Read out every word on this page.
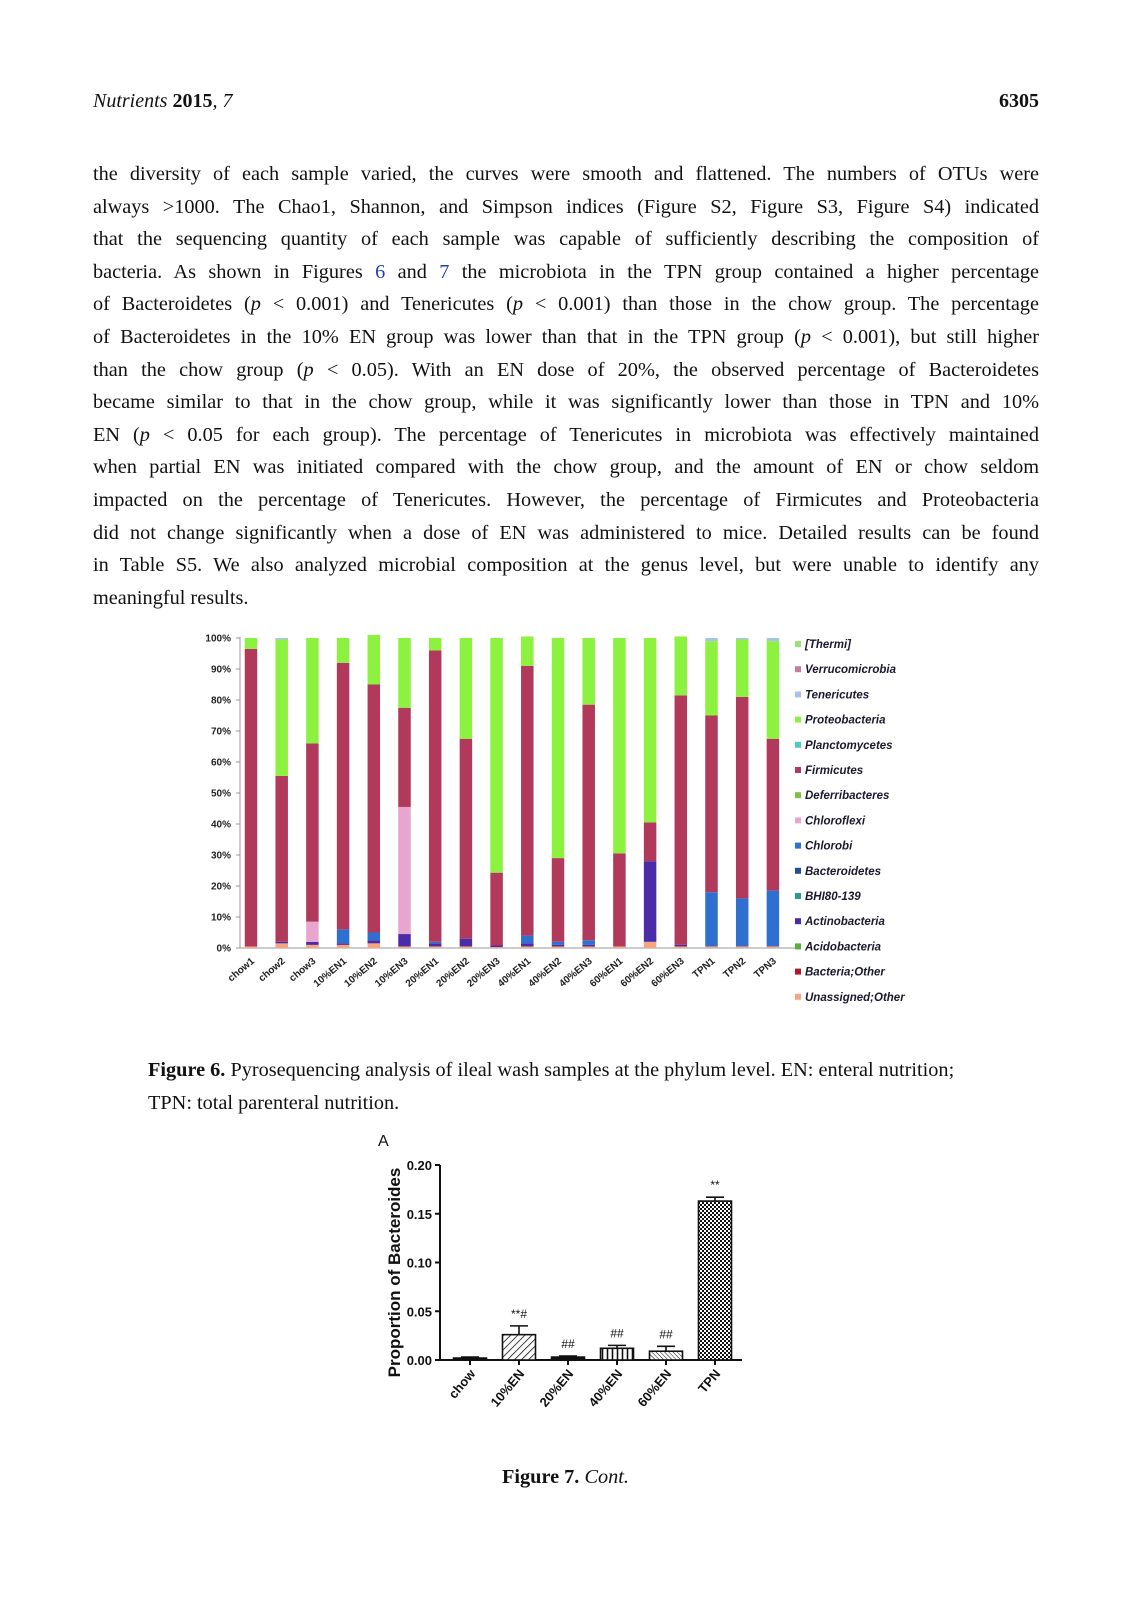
Nutrients 2015, 7	6305
the diversity of each sample varied, the curves were smooth and flattened. The numbers of OTUs were
always >1000. The Chao1, Shannon, and Simpson indices (Figure S2, Figure S3, Figure S4) indicated
that the sequencing quantity of each sample was capable of sufficiently describing the composition of
bacteria. As shown in Figures 6 and 7 the microbiota in the TPN group contained a higher percentage
of Bacteroidetes (p < 0.001) and Tenericutes (p < 0.001) than those in the chow group. The percentage
of Bacteroidetes in the 10% EN group was lower than that in the TPN group (p < 0.001), but still higher
than the chow group (p < 0.05). With an EN dose of 20%, the observed percentage of Bacteroidetes
became similar to that in the chow group, while it was significantly lower than those in TPN and 10%
EN (p < 0.05 for each group). The percentage of Tenericutes in microbiota was effectively maintained
when partial EN was initiated compared with the chow group, and the amount of EN or chow seldom
impacted on the percentage of Tenericutes. However, the percentage of Firmicutes and Proteobacteria
did not change significantly when a dose of EN was administered to mice. Detailed results can be found
in Table S5. We also analyzed microbial composition at the genus level, but were unable to identify any
meaningful results.
0%
10%
20%
30%
40%
50%
60%
70%
80%
90%
100%
chow1 chow2 chow3
10%EN1
10%EN2
10%EN3
20%EN1
20%EN2
20%EN3
40%EN1
40%EN2
40%EN3
60%EN1
60%EN2
60%EN3 TPN1 TPN2 TPN3
[Thermi]
Verrucomicrobia
Tenericutes
Proteobacteria
Planctomycetes
Firmicutes
Deferribacteres
Chloroflexi
Chlorobi
Bacteroidetes
BHI80-139
Actinobacteria
Acidobacteria
Bacteria;Other
Unassigned;Other

Figure 6. Pyrosequencing analysis of ileal wash samples at the phylum level. EN: enteral nutrition; TPN: total parenteral nutrition.

A
Proportion of Bacteroides 0.00
0.05
0.10
0.15
0.20
chow
**#
10%EN
##
20%EN
##
40%EN
##
60%EN
**
TPN
Figure 7. Cont.
